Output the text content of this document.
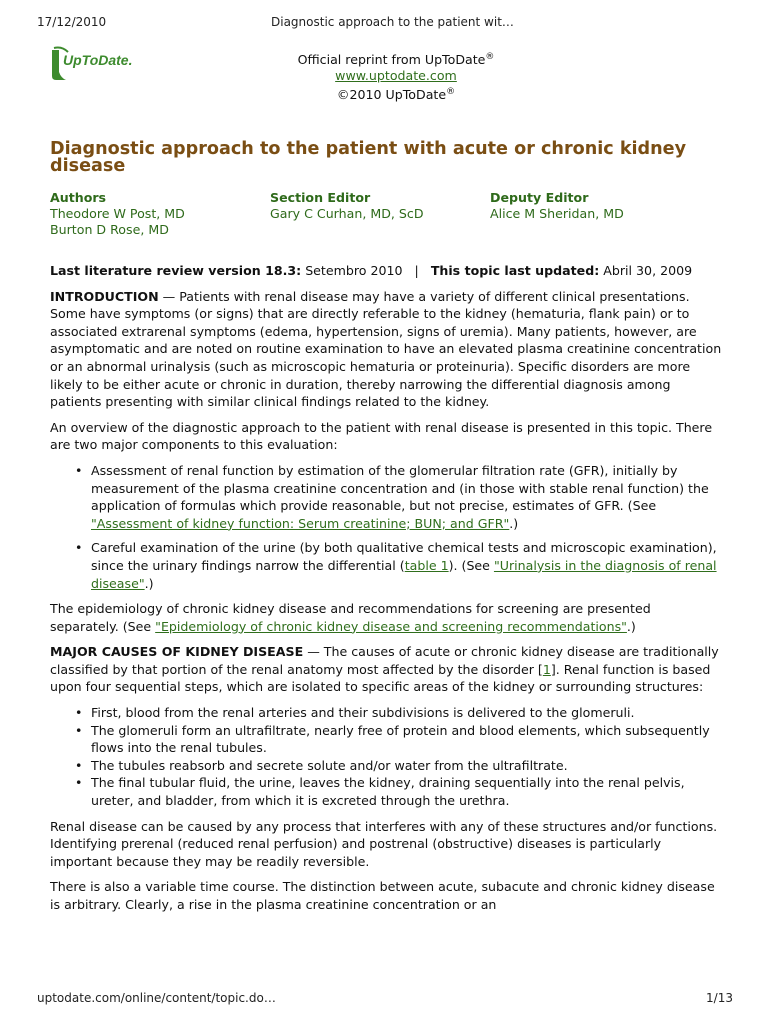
17/12/2010	Diagnostic approach to the patient wit…
UpToDate.	Official reprint from UpToDate®
www.uptodate.com
©2010 UpToDate®
Diagnostic approach to the patient with acute or chronic kidney disease
Authors
Theodore W Post, MD
Burton D Rose, MD
Section Editor
Gary C Curhan, MD, ScD
Deputy Editor
Alice M Sheridan, MD

Last literature review version 18.3: Setembro 2010   |   This topic last updated: Abril 30, 2009

INTRODUCTION — Patients with renal disease may have a variety of different clinical presentations. Some have symptoms (or signs) that are directly referable to the kidney (hematuria, flank pain) or to associated extrarenal symptoms (edema, hypertension, signs of uremia). Many patients, however, are asymptomatic and are noted on routine examination to have an elevated plasma creatinine concentration or an abnormal urinalysis (such as microscopic hematuria or proteinuria). Specific disorders are more likely to be either acute or chronic in duration, thereby narrowing the differential diagnosis among patients presenting with similar clinical findings related to the kidney.

An overview of the diagnostic approach to the patient with renal disease is presented in this topic. There are two major components to this evaluation:

• Assessment of renal function by estimation of the glomerular filtration rate (GFR), initially by measurement of the plasma creatinine concentration and (in those with stable renal function) the application of formulas which provide reasonable, but not precise, estimates of GFR. (See "Assessment of kidney function: Serum creatinine; BUN; and GFR".)
• Careful examination of the urine (by both qualitative chemical tests and microscopic examination), since the urinary findings narrow the differential (table 1). (See "Urinalysis in the diagnosis of renal disease".)

The epidemiology of chronic kidney disease and recommendations for screening are presented separately. (See "Epidemiology of chronic kidney disease and screening recommendations".)

MAJOR CAUSES OF KIDNEY DISEASE — The causes of acute or chronic kidney disease are traditionally classified by that portion of the renal anatomy most affected by the disorder [1]. Renal function is based upon four sequential steps, which are isolated to specific areas of the kidney or surrounding structures:

• First, blood from the renal arteries and their subdivisions is delivered to the glomeruli.
• The glomeruli form an ultrafiltrate, nearly free of protein and blood elements, which subsequently flows into the renal tubules.
• The tubules reabsorb and secrete solute and/or water from the ultrafiltrate.
• The final tubular fluid, the urine, leaves the kidney, draining sequentially into the renal pelvis, ureter, and bladder, from which it is excreted through the urethra.

Renal disease can be caused by any process that interferes with any of these structures and/or functions. Identifying prerenal (reduced renal perfusion) and postrenal (obstructive) diseases is particularly important because they may be readily reversible.

There is also a variable time course. The distinction between acute, subacute and chronic kidney disease is arbitrary. Clearly, a rise in the plasma creatinine concentration or an

uptodate.com/online/content/topic.do…	1/13
